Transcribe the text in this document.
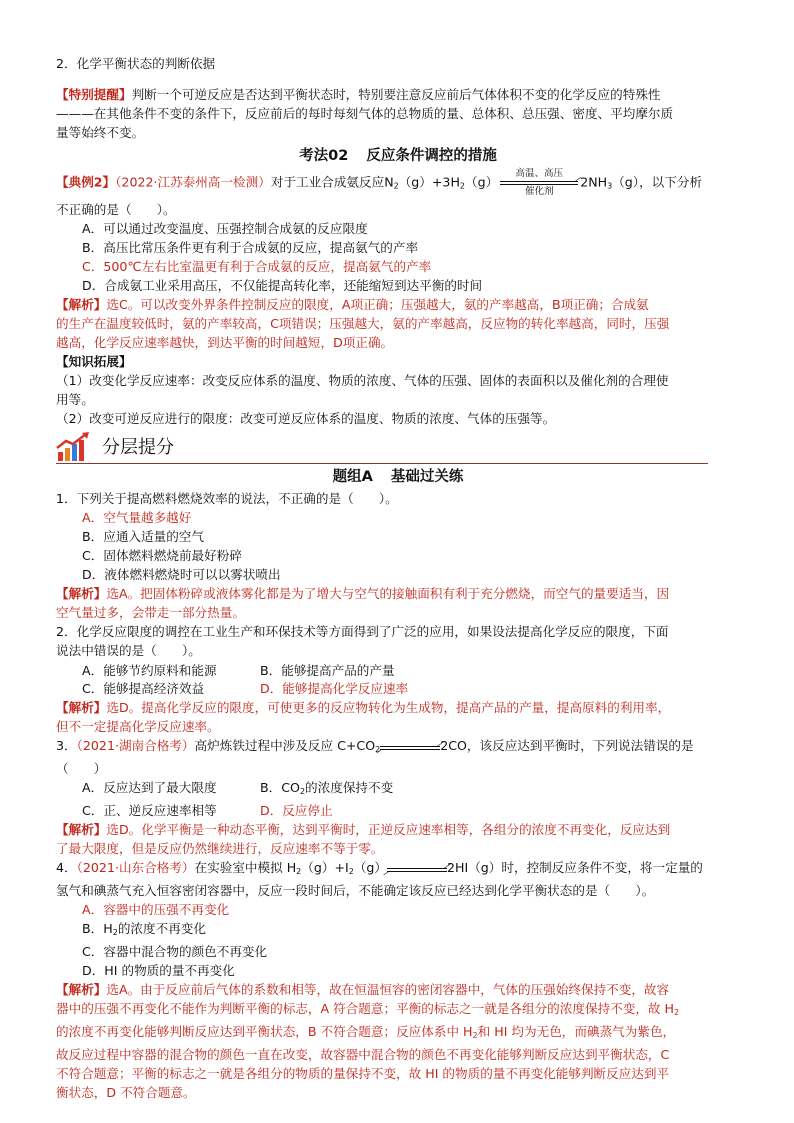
2．化学平衡状态的判断依据

【特别提醒】判断一个可逆反应是否达到平衡状态时，特别要注意反应前后气体体积不变的化学反应的特殊性

———在其他条件不变的条件下，反应前后的每时每刻气体的总物质的量、总体积、总压强、密度、平均摩尔质

量等始终不变。

考法02 反应条件调控的措施

【典例2】（2022·江苏泰州高一检测）对于工业合成氨反应$N_2(g)+3H_2(g)$
高温、高压
催化剂
$2NH_3(g)$，以下分析

不正确的是（　　）。

A．可以通过改变温度、压强控制合成氨的反应限度

B．高压比常压条件更有利于合成氨的反应，提高氨气的产率

C．500℃左右比室温更有利于合成氨的反应，提高氨气的产率

D．合成氨工业采用高压，不仅能提高转化率，还能缩短到达平衡的时间

【解析】选C。可以改变外界条件控制反应的限度，A项正确；压强越大，氨的产率越高，B项正确；合成氨

的生产在温度较低时，氨的产率较高，C项错误；压强越大，氨的产率越高，反应物的转化率越高，同时，压强

越高，化学反应速率越快，到达平衡的时间越短，D项正确。

【知识拓展】

（1）改变化学反应速率：改变反应体系的温度、物质的浓度、气体的压强、固体的表面积以及催化剂的合理使

用等。

（2）改变可逆反应进行的限度：改变可逆反应体系的温度、物质的浓度、气体的压强等。

分层提分
题组A 基础过关练

1．下列关于提高燃料燃烧效率的说法，不正确的是（　　）。

A．空气量越多越好

B．应通入适量的空气

C．固体燃料燃烧前最好粉碎

D．液体燃料燃烧时可以以雾状喷出

【解析】选A。把固体粉碎或液体雾化都是为了增大与空气的接触面积有利于充分燃烧，而空气的量要适当，因

空气量过多，会带走一部分热量。

2．化学反应限度的调控在工业生产和环保技术等方面得到了广泛的应用，如果设法提高化学反应的限度，下面

说法中错误的是（　　）。

A．能够节约原料和能源	B．能够提高产品的产量
C．能够提高经济效益	D．能够提高化学反应速率

【解析】选D。提高化学反应的限度，可使更多的反应物转化为生成物，提高产品的产量，提高原料的利用率，

但不一定提高化学反应速率。

3．（2021·湖南合格考）高炉炼铁过程中涉及反应 $C+CO_2$	2CO，该反应达到平衡时，下列说法错误的是

（　　）

A．反应达到了最大限度	B．$CO_2$的浓度保持不变
C．正、逆反应速率相等	D．反应停止

【解析】选D。化学平衡是一种动态平衡，达到平衡时，正逆反应速率相等，各组分的浓度不再变化，反应达到

了最大限度，但是反应仍然继续进行，反应速率不等于零。

4．（2021·山东合格考）在实验室中模拟 $H_2(g)+I_2(g)$	2HI（g）时，控制反应条件不变，将一定量的

氢气和碘蒸气充入恒容密闭容器中，反应一段时间后，不能确定该反应已经达到化学平衡状态的是（　　）。

A．容器中的压强不再变化

B．$H_2$的浓度不再变化

C．容器中混合物的颜色不再变化

D．HI 的物质的量不再变化

【解析】选A。由于反应前后气体的系数和相等，故在恒温恒容的密闭容器中，气体的压强始终保持不变，故容

器中的压强不再变化不能作为判断平衡的标志，A 符合题意；平衡的标志之一就是各组分的浓度保持不变，故 $H_2$

的浓度不再变化能够判断反应达到平衡状态，B 不符合题意；反应体系中 $H_2$和 HI 均为无色，而碘蒸气为紫色，

故反应过程中容器的混合物的颜色一直在改变，故容器中混合物的颜色不再变化能够判断反应达到平衡状态，C

不符合题意；平衡的标志之一就是各组分的物质的量保持不变，故 HI 的物质的量不再变化能够判断反应达到平

衡状态，D 不符合题意。
